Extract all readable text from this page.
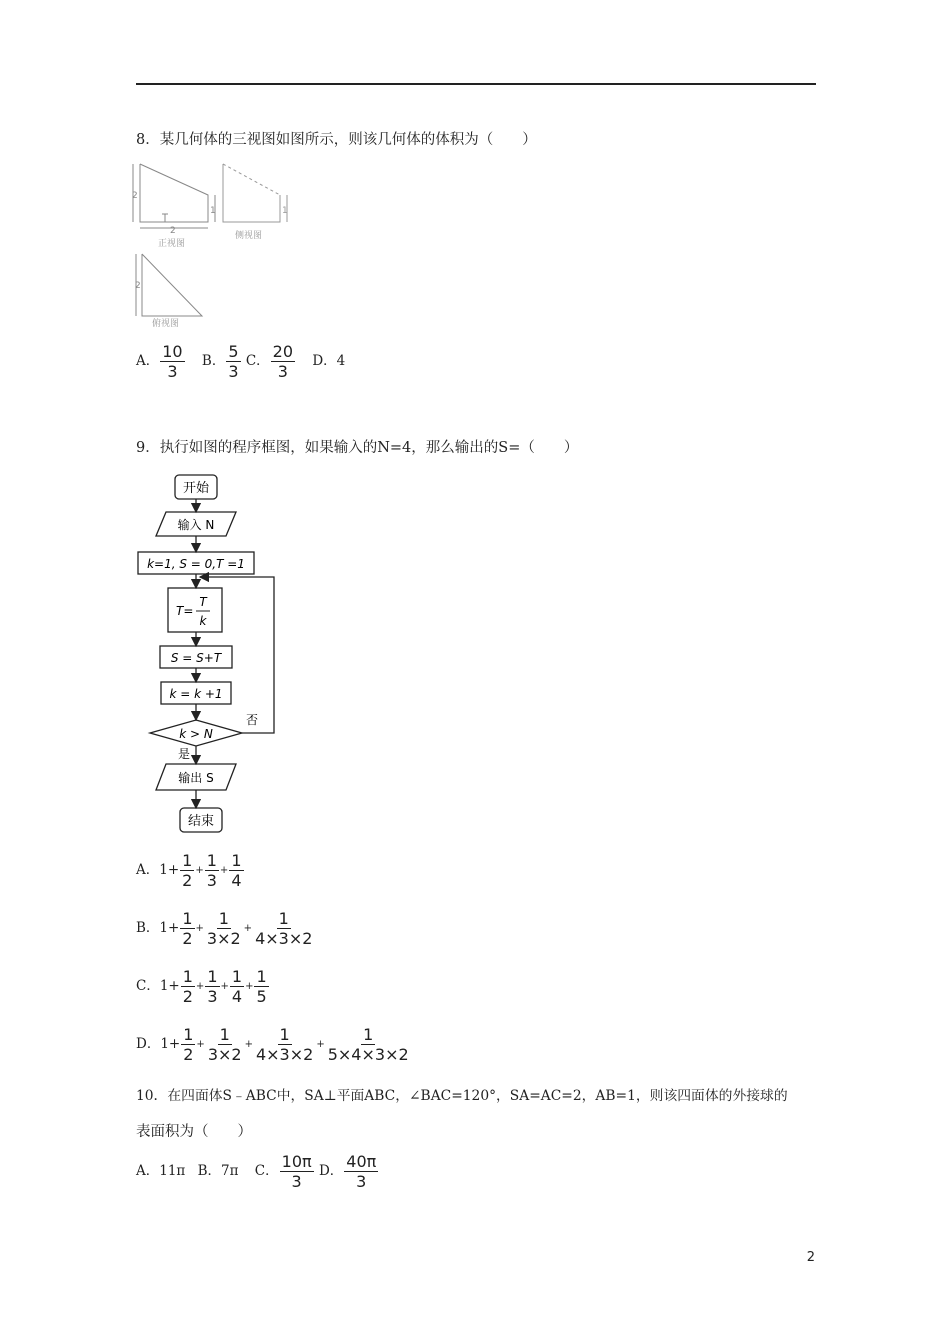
8．某几何体的三视图如图所示，则该几何体的体积为（　　）
2
2
1
正视图
1
侧视图
2
俯视图
A． $\frac{10}{3}$ B． $\frac{5}{3}$ C． $\frac{20}{3}$ D．4
9．执行如图的程序框图，如果输入的N=4，那么输出的S=（　　）
开始
输入 N
k=1, S = 0,T =1
T=
T
k
S = S+T
k = k +1
k > N
否
是
输出 S
结束
A．$1+ \frac{1}{2} + \frac{1}{3} + \frac{1}{4}$
B．$1+ \frac{1}{2} + \frac{1}{3\times 2} + \frac{1}{4\times 3\times 2}$
C．$1+ \frac{1}{2} + \frac{1}{3} + \frac{1}{4} + \frac{1}{5}$
D．$1+ \frac{1}{2} + \frac{1}{3\times 2} + \frac{1}{4\times 3\times 2} + \frac{1}{5\times 4\times 3\times 2}$
10．在四面体S﹣ABC中，SA⊥平面ABC，∠BAC=120°，SA=AC=2，AB=1，则该四面体的外接球的
表面积为（　　）
A．11π B．7π C． $\frac{10\pi}{3}$ D． $\frac{40\pi}{3}$
2
